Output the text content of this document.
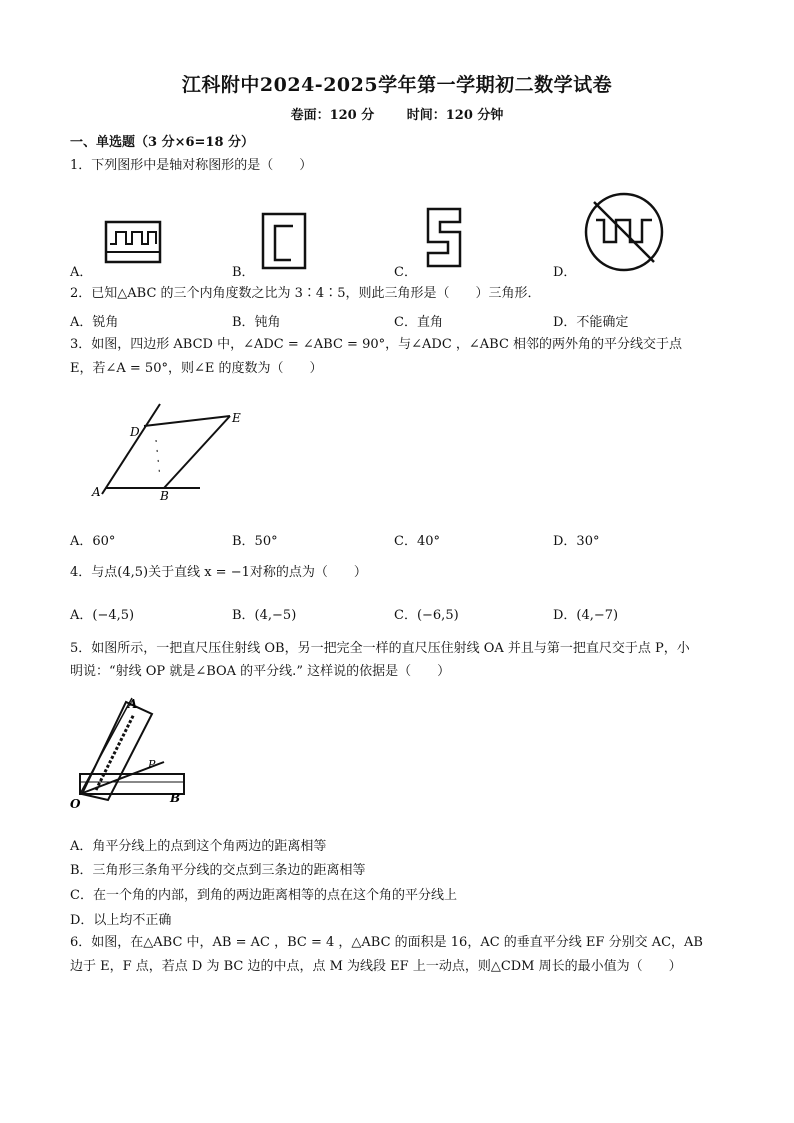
江科附中2024-2025学年第一学期初二数学试卷
卷面：120 分	时间：120 分钟
一、单选题（3 分×6=18 分）
1．下列图形中是轴对称图形的是（　　）
A．	B．	C．	D．
2．已知△ABC 的三个内角度数之比为 3∶4∶5，则此三角形是（　　）三角形．
A．锐角	B．钝角	C．直角	D．不能确定
3．如图，四边形 ABCD 中，∠ADC = ∠ABC = 90°，与∠ADC ，∠ABC 相邻的两外角的平分线交于点
E，若∠A = 50°，则∠E 的度数为（　　）
D
E
A	B
A．60°	B．50°	C．40°	D．30°
4．与点(4,5)关于直线 x = −1对称的点为（　　）
A．(−4,5)	B．(4,−5)	C．(−6,5)	D．(4,−7)
5．如图所示，一把直尺压住射线 OB，另一把完全一样的直尺压住射线 OA 并且与第一把直尺交于点 P，小
明说：“射线 OP 就是∠BOA 的平分线.” 这样说的依据是（　　）
A
P
O	B
A．角平分线上的点到这个角两边的距离相等
B．三角形三条角平分线的交点到三条边的距离相等
C．在一个角的内部，到角的两边距离相等的点在这个角的平分线上
D．以上均不正确
6．如图，在△ABC 中，AB = AC ，BC = 4 ，△ABC 的面积是 16，AC 的垂直平分线 EF 分别交 AC，AB
边于 E，F 点，若点 D 为 BC 边的中点，点 M 为线段 EF 上一动点，则△CDM 周长的最小值为（　　）
